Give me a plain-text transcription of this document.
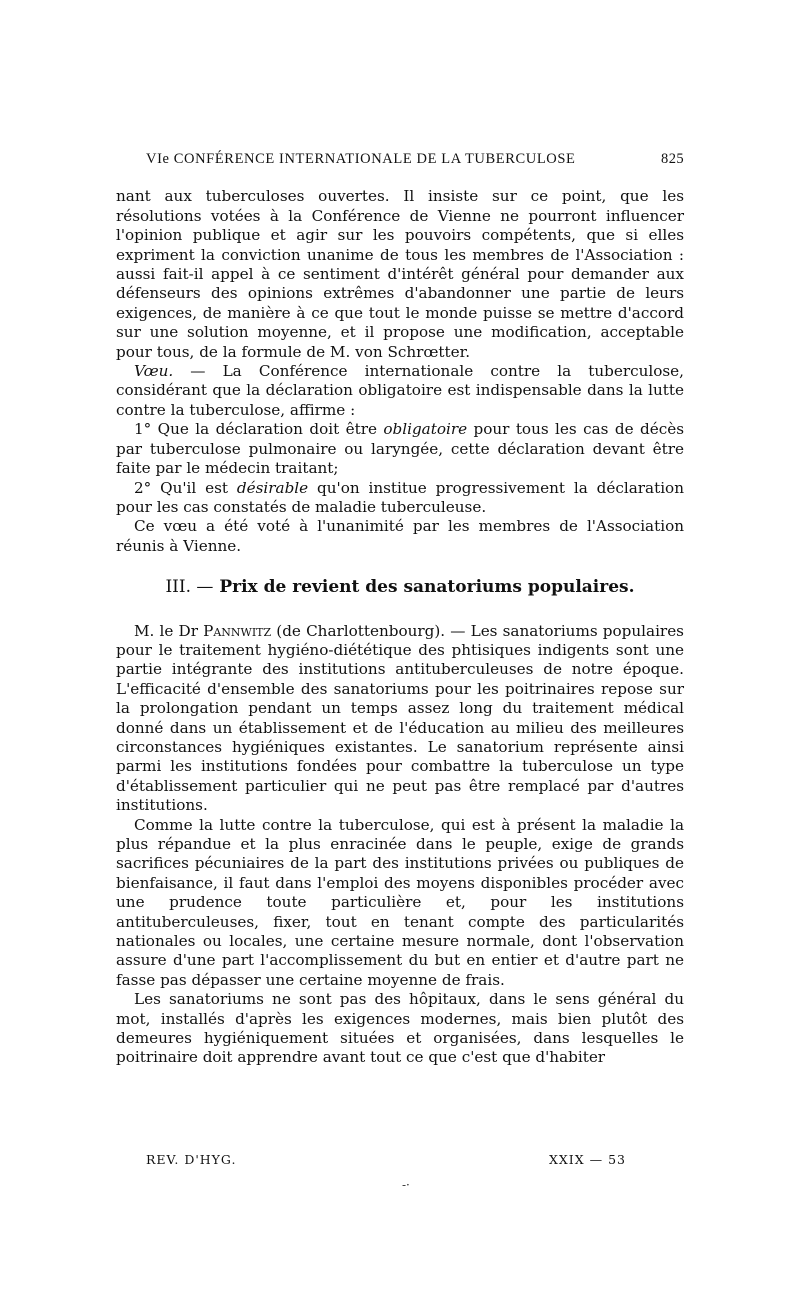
VIe CONFÉRENCE INTERNATIONALE DE LA TUBERCULOSE	825

nant aux tuberculoses ouvertes. Il insiste sur ce point, que les résolutions votées à la Conférence de Vienne ne pourront influencer l'opinion publique et agir sur les pouvoirs compétents, que si elles expriment la conviction unanime de tous les membres de l'Association : aussi fait-il appel à ce sentiment d'intérêt général pour demander aux défenseurs des opinions extrêmes d'abandonner une partie de leurs exigences, de manière à ce que tout le monde puisse se mettre d'accord sur une solution moyenne, et il propose une modification, acceptable pour tous, de la formule de M. von Schrœtter.

Vœu. — La Conférence internationale contre la tuberculose, considérant que la déclaration obligatoire est indispensable dans la lutte contre la tuberculose, affirme :

1° Que la déclaration doit être obligatoire pour tous les cas de décès par tuberculose pulmonaire ou laryngée, cette déclaration devant être faite par le médecin traitant;

2° Qu'il est désirable qu'on institue progressivement la déclaration pour les cas constatés de maladie tuberculeuse.

Ce vœu a été voté à l'unanimité par les membres de l'Association réunis à Vienne.

III. — Prix de revient des sanatoriums populaires.

M. le Dr Pannwitz (de Charlottenbourg). — Les sanatoriums populaires pour le traitement hygiéno-diététique des phtisiques indigents sont une partie intégrante des institutions antituberculeuses de notre époque. L'efficacité d'ensemble des sanatoriums pour les poitrinaires repose sur la prolongation pendant un temps assez long du traitement médical donné dans un établissement et de l'éducation au milieu des meilleures circonstances hygiéniques existantes. Le sanatorium représente ainsi parmi les institutions fondées pour combattre la tuberculose un type d'établissement particulier qui ne peut pas être remplacé par d'autres institutions.

Comme la lutte contre la tuberculose, qui est à présent la maladie la plus répandue et la plus enracinée dans le peuple, exige de grands sacrifices pécuniaires de la part des institutions privées ou publiques de bienfaisance, il faut dans l'emploi des moyens disponibles procéder avec une prudence toute particulière et, pour les institutions antituberculeuses, fixer, tout en tenant compte des particularités nationales ou locales, une certaine mesure normale, dont l'observation assure d'une part l'accomplissement du but en entier et d'autre part ne fasse pas dépasser une certaine moyenne de frais.

Les sanatoriums ne sont pas des hôpitaux, dans le sens général du mot, installés d'après les exigences modernes, mais bien plutôt des demeures hygiéniquement situées et organisées, dans lesquelles le poitrinaire doit apprendre avant tout ce que c'est que d'habiter

REV. D'HYG.	XXIX — 53
-·
